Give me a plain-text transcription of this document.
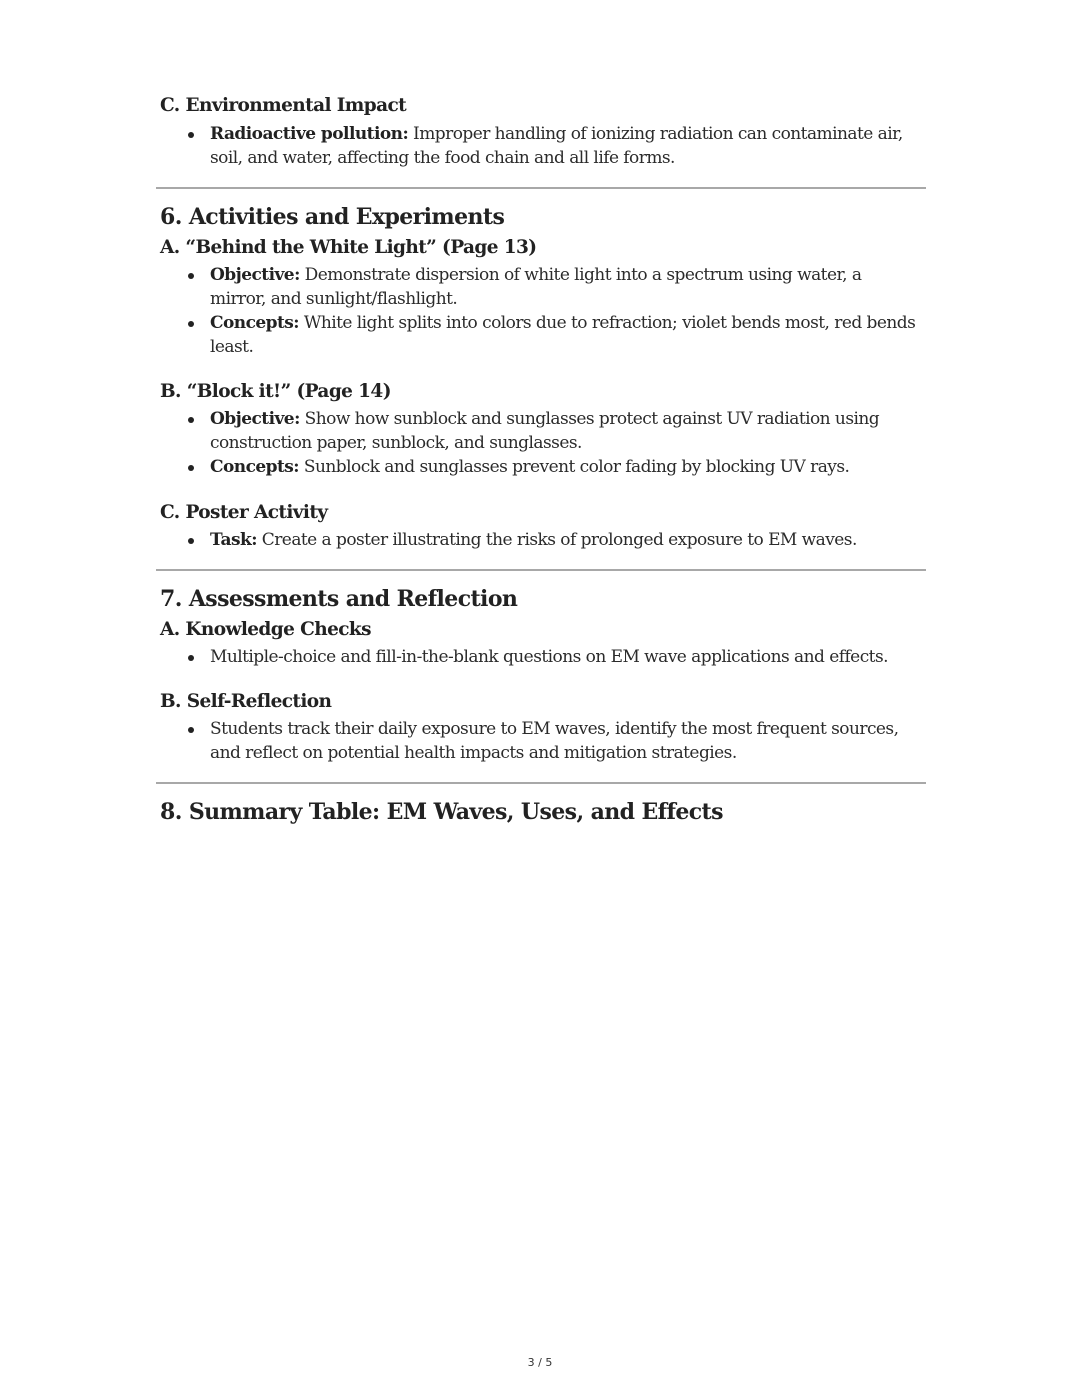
C. Environmental Impact
Radioactive pollution: Improper handling of ionizing radiation can contaminate air, soil, and water, affecting the food chain and all life forms.
6. Activities and Experiments
A. “Behind the White Light” (Page 13)
Objective: Demonstrate dispersion of white light into a spectrum using water, a mirror, and sunlight/flashlight.
Concepts: White light splits into colors due to refraction; violet bends most, red bends least.
B. “Block it!” (Page 14)
Objective: Show how sunblock and sunglasses protect against UV radiation using construction paper, sunblock, and sunglasses.
Concepts: Sunblock and sunglasses prevent color fading by blocking UV rays.
C. Poster Activity
Task: Create a poster illustrating the risks of prolonged exposure to EM waves.
7. Assessments and Reflection
A. Knowledge Checks
Multiple-choice and fill-in-the-blank questions on EM wave applications and effects.
B. Self-Reflection
Students track their daily exposure to EM waves, identify the most frequent sources, and reflect on potential health impacts and mitigation strategies.
8. Summary Table: EM Waves, Uses, and Effects
3 / 5
